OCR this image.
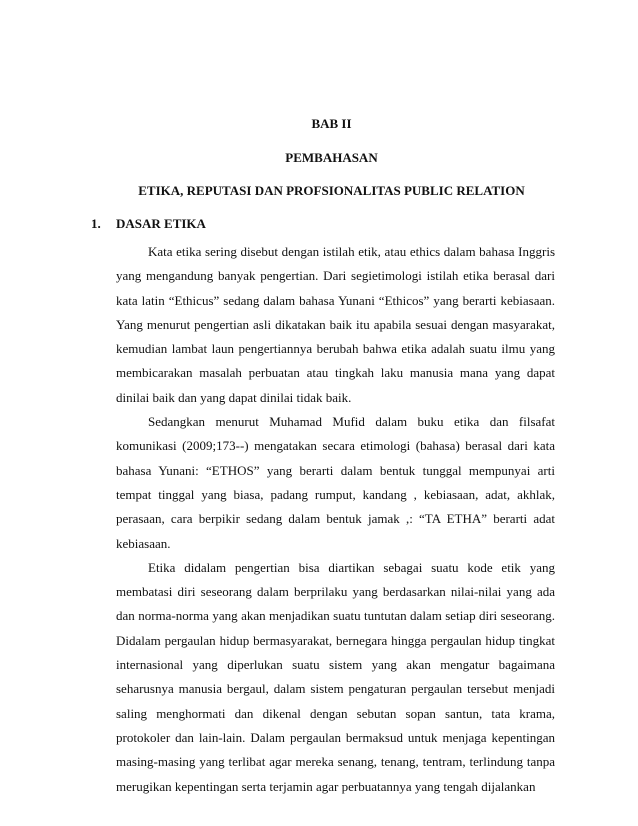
BAB II
PEMBAHASAN
ETIKA, REPUTASI DAN PROFSIONALITAS PUBLIC RELATION
1. DASAR ETIKA

Kata etika sering disebut dengan istilah etik, atau ethics dalam bahasa Inggris yang mengandung banyak pengertian. Dari segietimologi istilah etika berasal dari kata latin “Ethicus” sedang dalam bahasa Yunani “Ethicos” yang berarti kebiasaan. Yang menurut pengertian asli dikatakan baik itu apabila sesuai dengan masyarakat, kemudian lambat laun pengertiannya berubah bahwa etika adalah suatu ilmu yang membicarakan masalah perbuatan atau tingkah laku manusia mana yang dapat dinilai baik dan yang dapat dinilai tidak baik.

Sedangkan menurut Muhamad Mufid dalam buku etika dan filsafat komunikasi (2009;173--) mengatakan secara etimologi (bahasa) berasal dari kata bahasa Yunani: “ETHOS” yang berarti dalam bentuk tunggal mempunyai arti tempat tinggal yang biasa, padang rumput, kandang , kebiasaan, adat, akhlak, perasaan, cara berpikir sedang dalam bentuk jamak ,: “TA ETHA” berarti adat kebiasaan.

Etika didalam pengertian bisa diartikan sebagai suatu kode etik yang membatasi diri seseorang dalam berprilaku yang berdasarkan nilai-nilai yang ada dan norma-norma yang akan menjadikan suatu tuntutan dalam setiap diri seseorang. Didalam pergaulan hidup bermasyarakat, bernegara hingga pergaulan hidup tingkat internasional yang diperlukan suatu sistem yang akan mengatur bagaimana seharusnya manusia bergaul, dalam sistem pengaturan pergaulan tersebut menjadi saling menghormati dan dikenal dengan sebutan sopan santun, tata krama, protokoler dan lain-lain. Dalam pergaulan bermaksud untuk menjaga kepentingan masing-masing yang terlibat agar mereka senang, tenang, tentram, terlindung tanpa merugikan kepentingan serta terjamin agar perbuatannya yang tengah dijalankan
